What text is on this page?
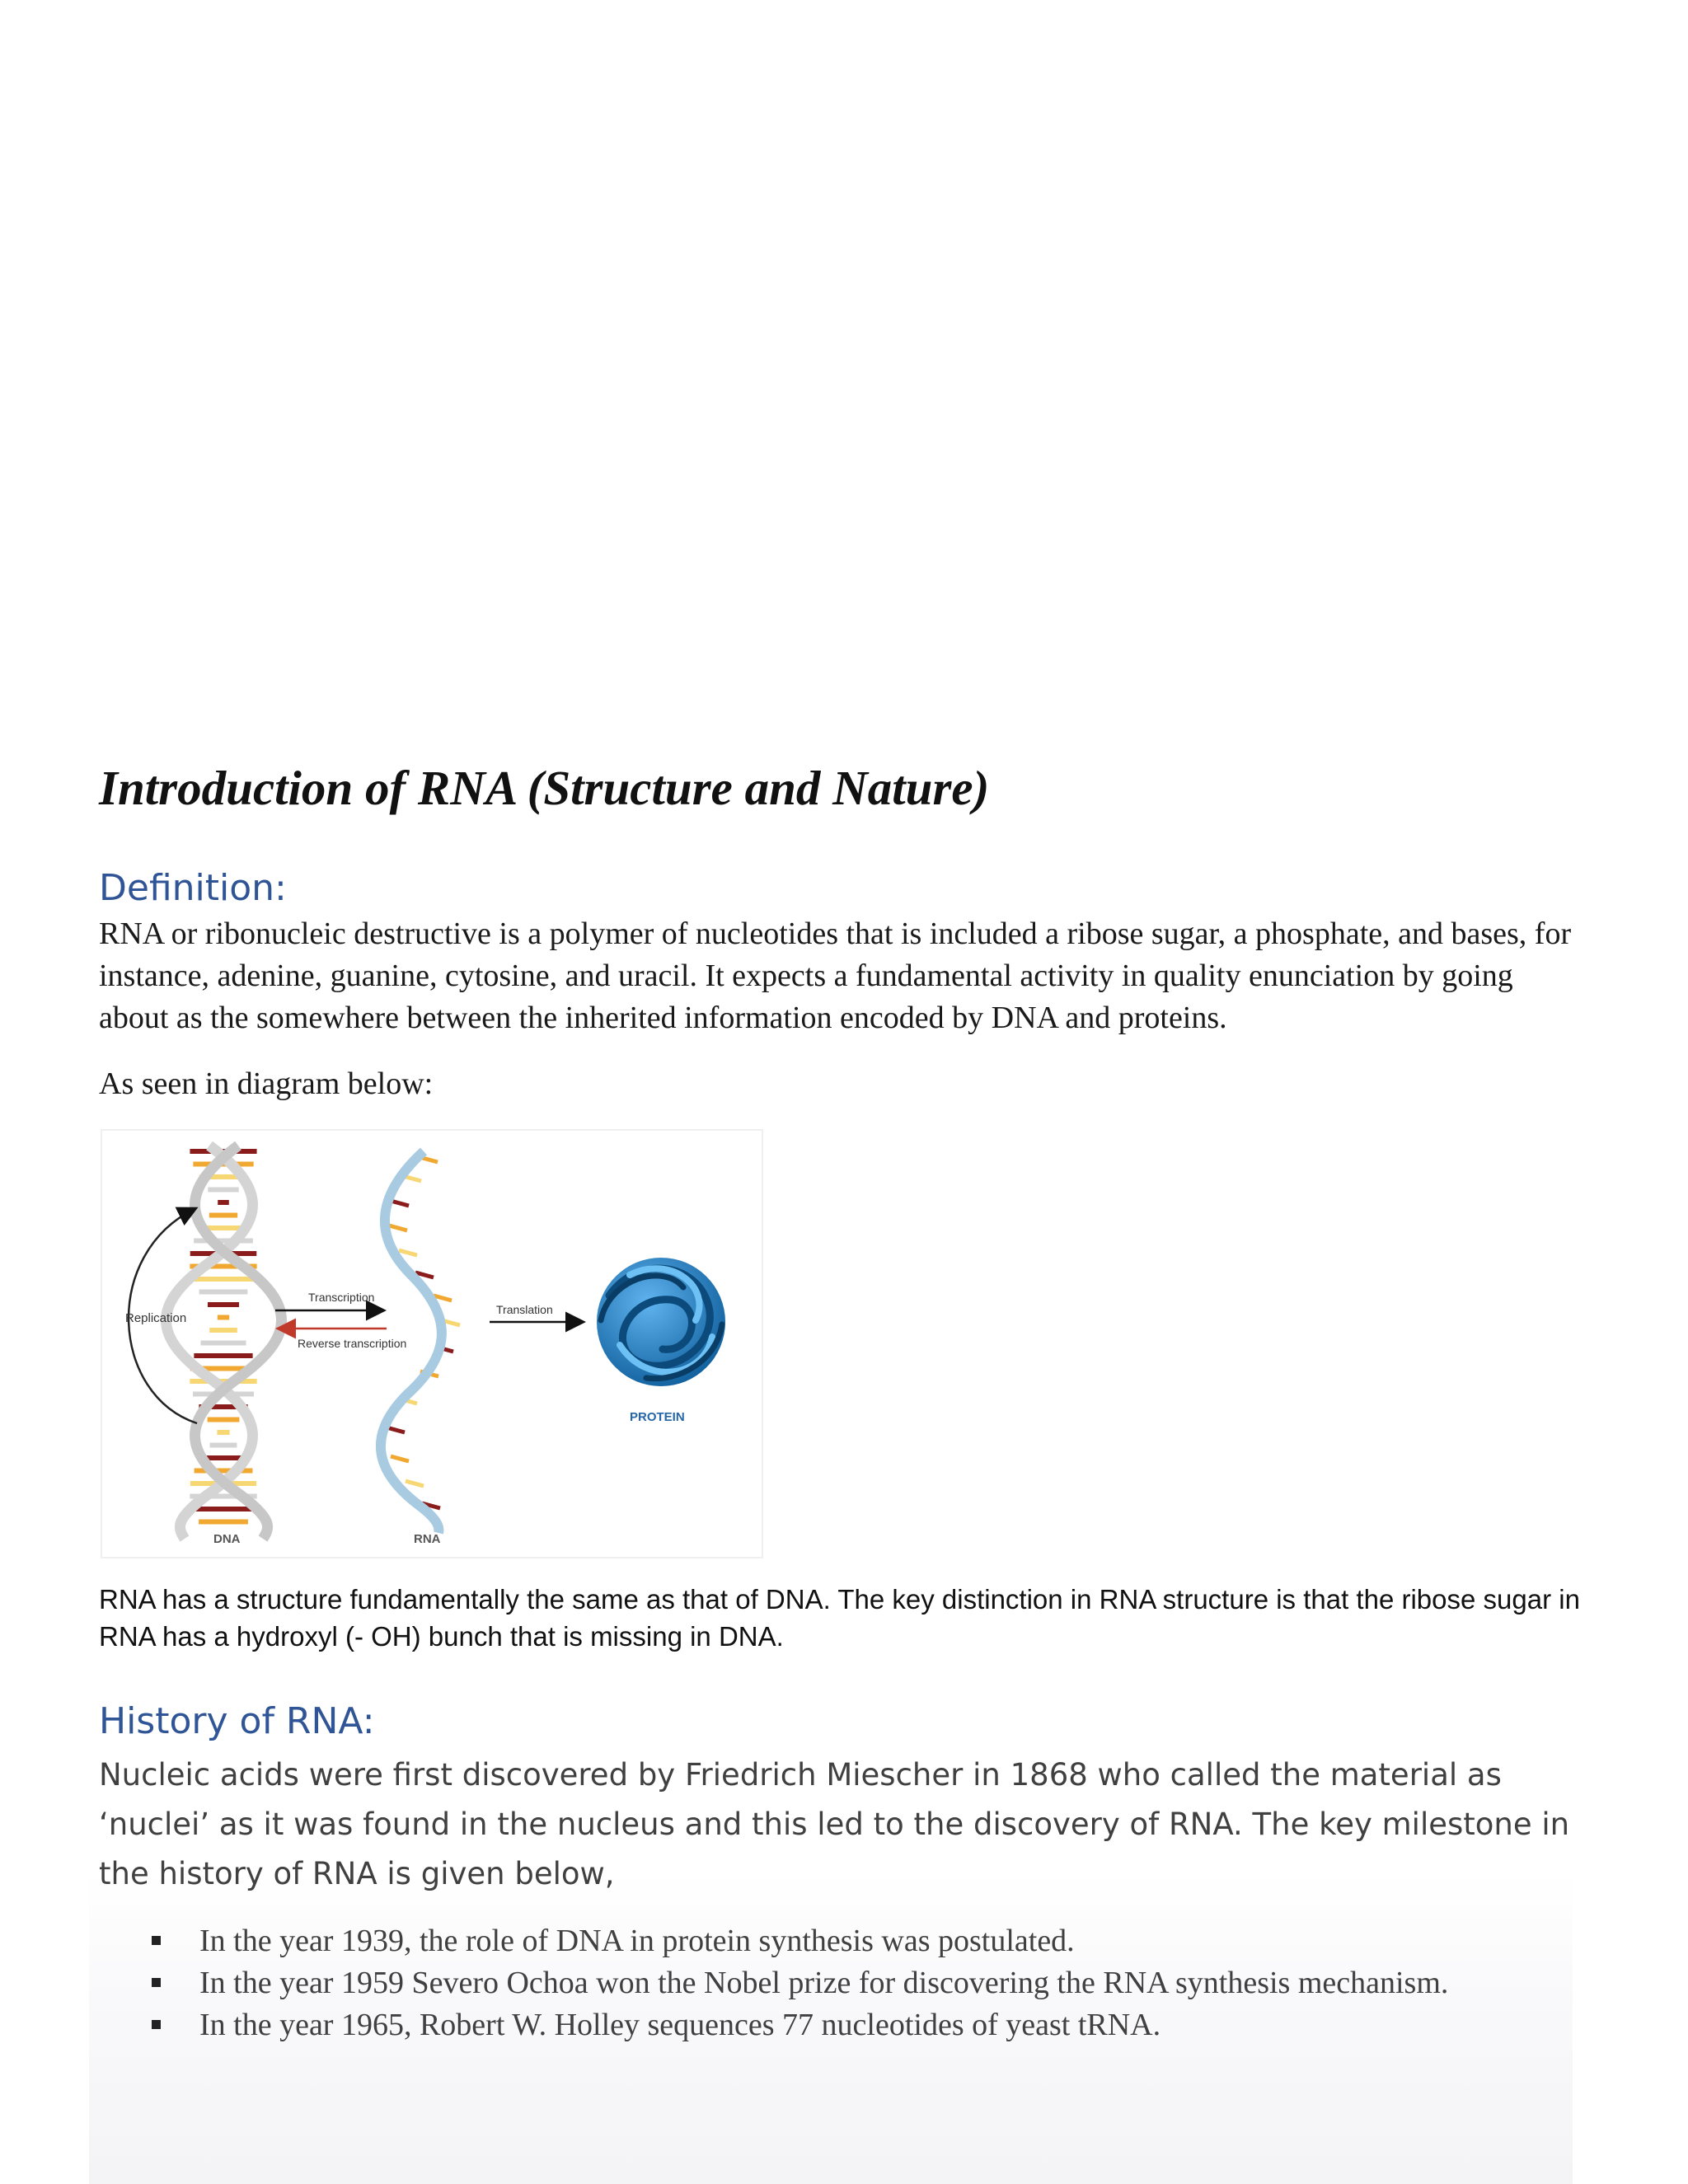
Introduction of RNA (Structure and Nature)
Definition:

RNA or ribonucleic destructive is a polymer of nucleotides that is included a ribose sugar, a phosphate, and bases, for instance, adenine, guanine, cytosine, and uracil. It expects a fundamental activity in quality enunciation by going about as the somewhere between the inherited information encoded by DNA and proteins.

As seen in diagram below:

Replication
Transcription
Reverse transcription
Translation
PROTEIN
DNA	RNA

RNA has a structure fundamentally the same as that of DNA. The key distinction in RNA structure is that the ribose sugar in RNA has a hydroxyl (- OH) bunch that is missing in DNA.

History of RNA:

Nucleic acids were first discovered by Friedrich Miescher in 1868 who called the material as ‘nuclei’ as it was found in the nucleus and this led to the discovery of RNA. The key milestone in the history of RNA is given below,

In the year 1939, the role of DNA in protein synthesis was postulated.
In the year 1959 Severo Ochoa won the Nobel prize for discovering the RNA synthesis mechanism.
In the year 1965, Robert W. Holley sequences 77 nucleotides of yeast tRNA.
